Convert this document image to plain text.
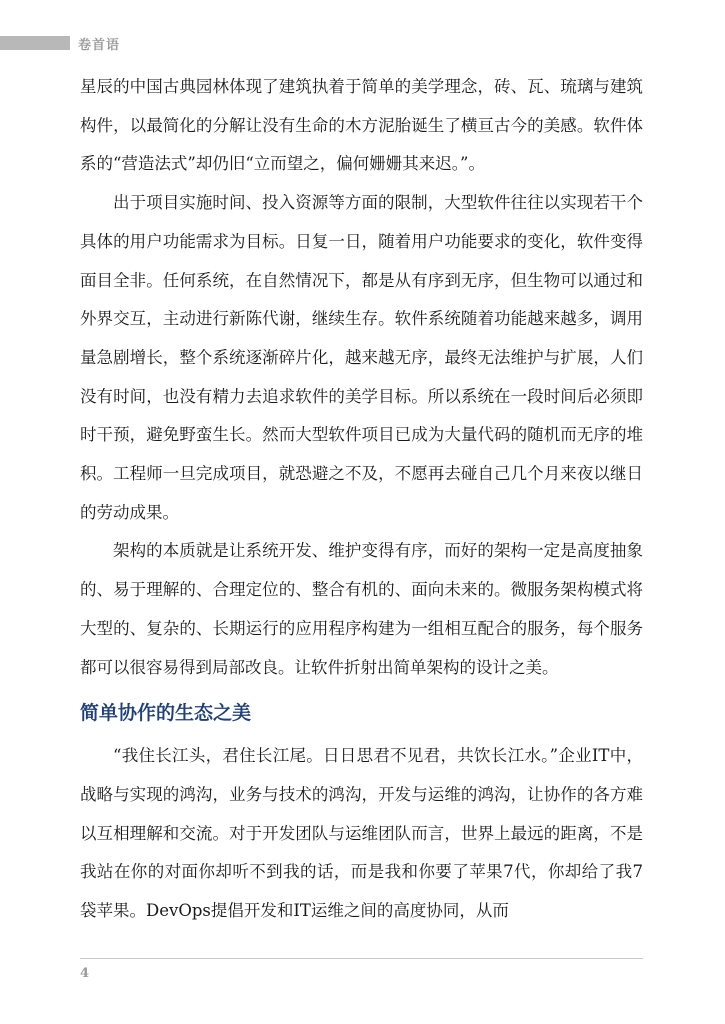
卷首语

星辰的中国古典园林体现了建筑执着于简单的美学理念，砖、瓦、琉璃与建筑构件，以最简化的分解让没有生命的木方泥胎诞生了横亘古今的美感。软件体系的“营造法式”却仍旧“立而望之，偏何姗姗其来迟。”。

出于项目实施时间、投入资源等方面的限制，大型软件往往以实现若干个具体的用户功能需求为目标。日复一日，随着用户功能要求的变化，软件变得面目全非。任何系统，在自然情况下，都是从有序到无序，但生物可以通过和外界交互，主动进行新陈代谢，继续生存。软件系统随着功能越来越多，调用量急剧增长，整个系统逐渐碎片化，越来越无序，最终无法维护与扩展，人们没有时间，也没有精力去追求软件的美学目标。所以系统在一段时间后必须即时干预，避免野蛮生长。然而大型软件项目已成为大量代码的随机而无序的堆积。工程师一旦完成项目，就恐避之不及，不愿再去碰自己几个月来夜以继日的劳动成果。

架构的本质就是让系统开发、维护变得有序，而好的架构一定是高度抽象的、易于理解的、合理定位的、整合有机的、面向未来的。微服务架构模式将大型的、复杂的、长期运行的应用程序构建为一组相互配合的服务，每个服务都可以很容易得到局部改良。让软件折射出简单架构的设计之美。

简单协作的生态之美

“我住长江头，君住长江尾。日日思君不见君，共饮长江水。”企业IT中，战略与实现的鸿沟，业务与技术的鸿沟，开发与运维的鸿沟，让协作的各方难以互相理解和交流。对于开发团队与运维团队而言，世界上最远的距离，不是我站在你的对面你却听不到我的话，而是我和你要了苹果7代，你却给了我7袋苹果。DevOps提倡开发和IT运维之间的高度协同，从而

4
